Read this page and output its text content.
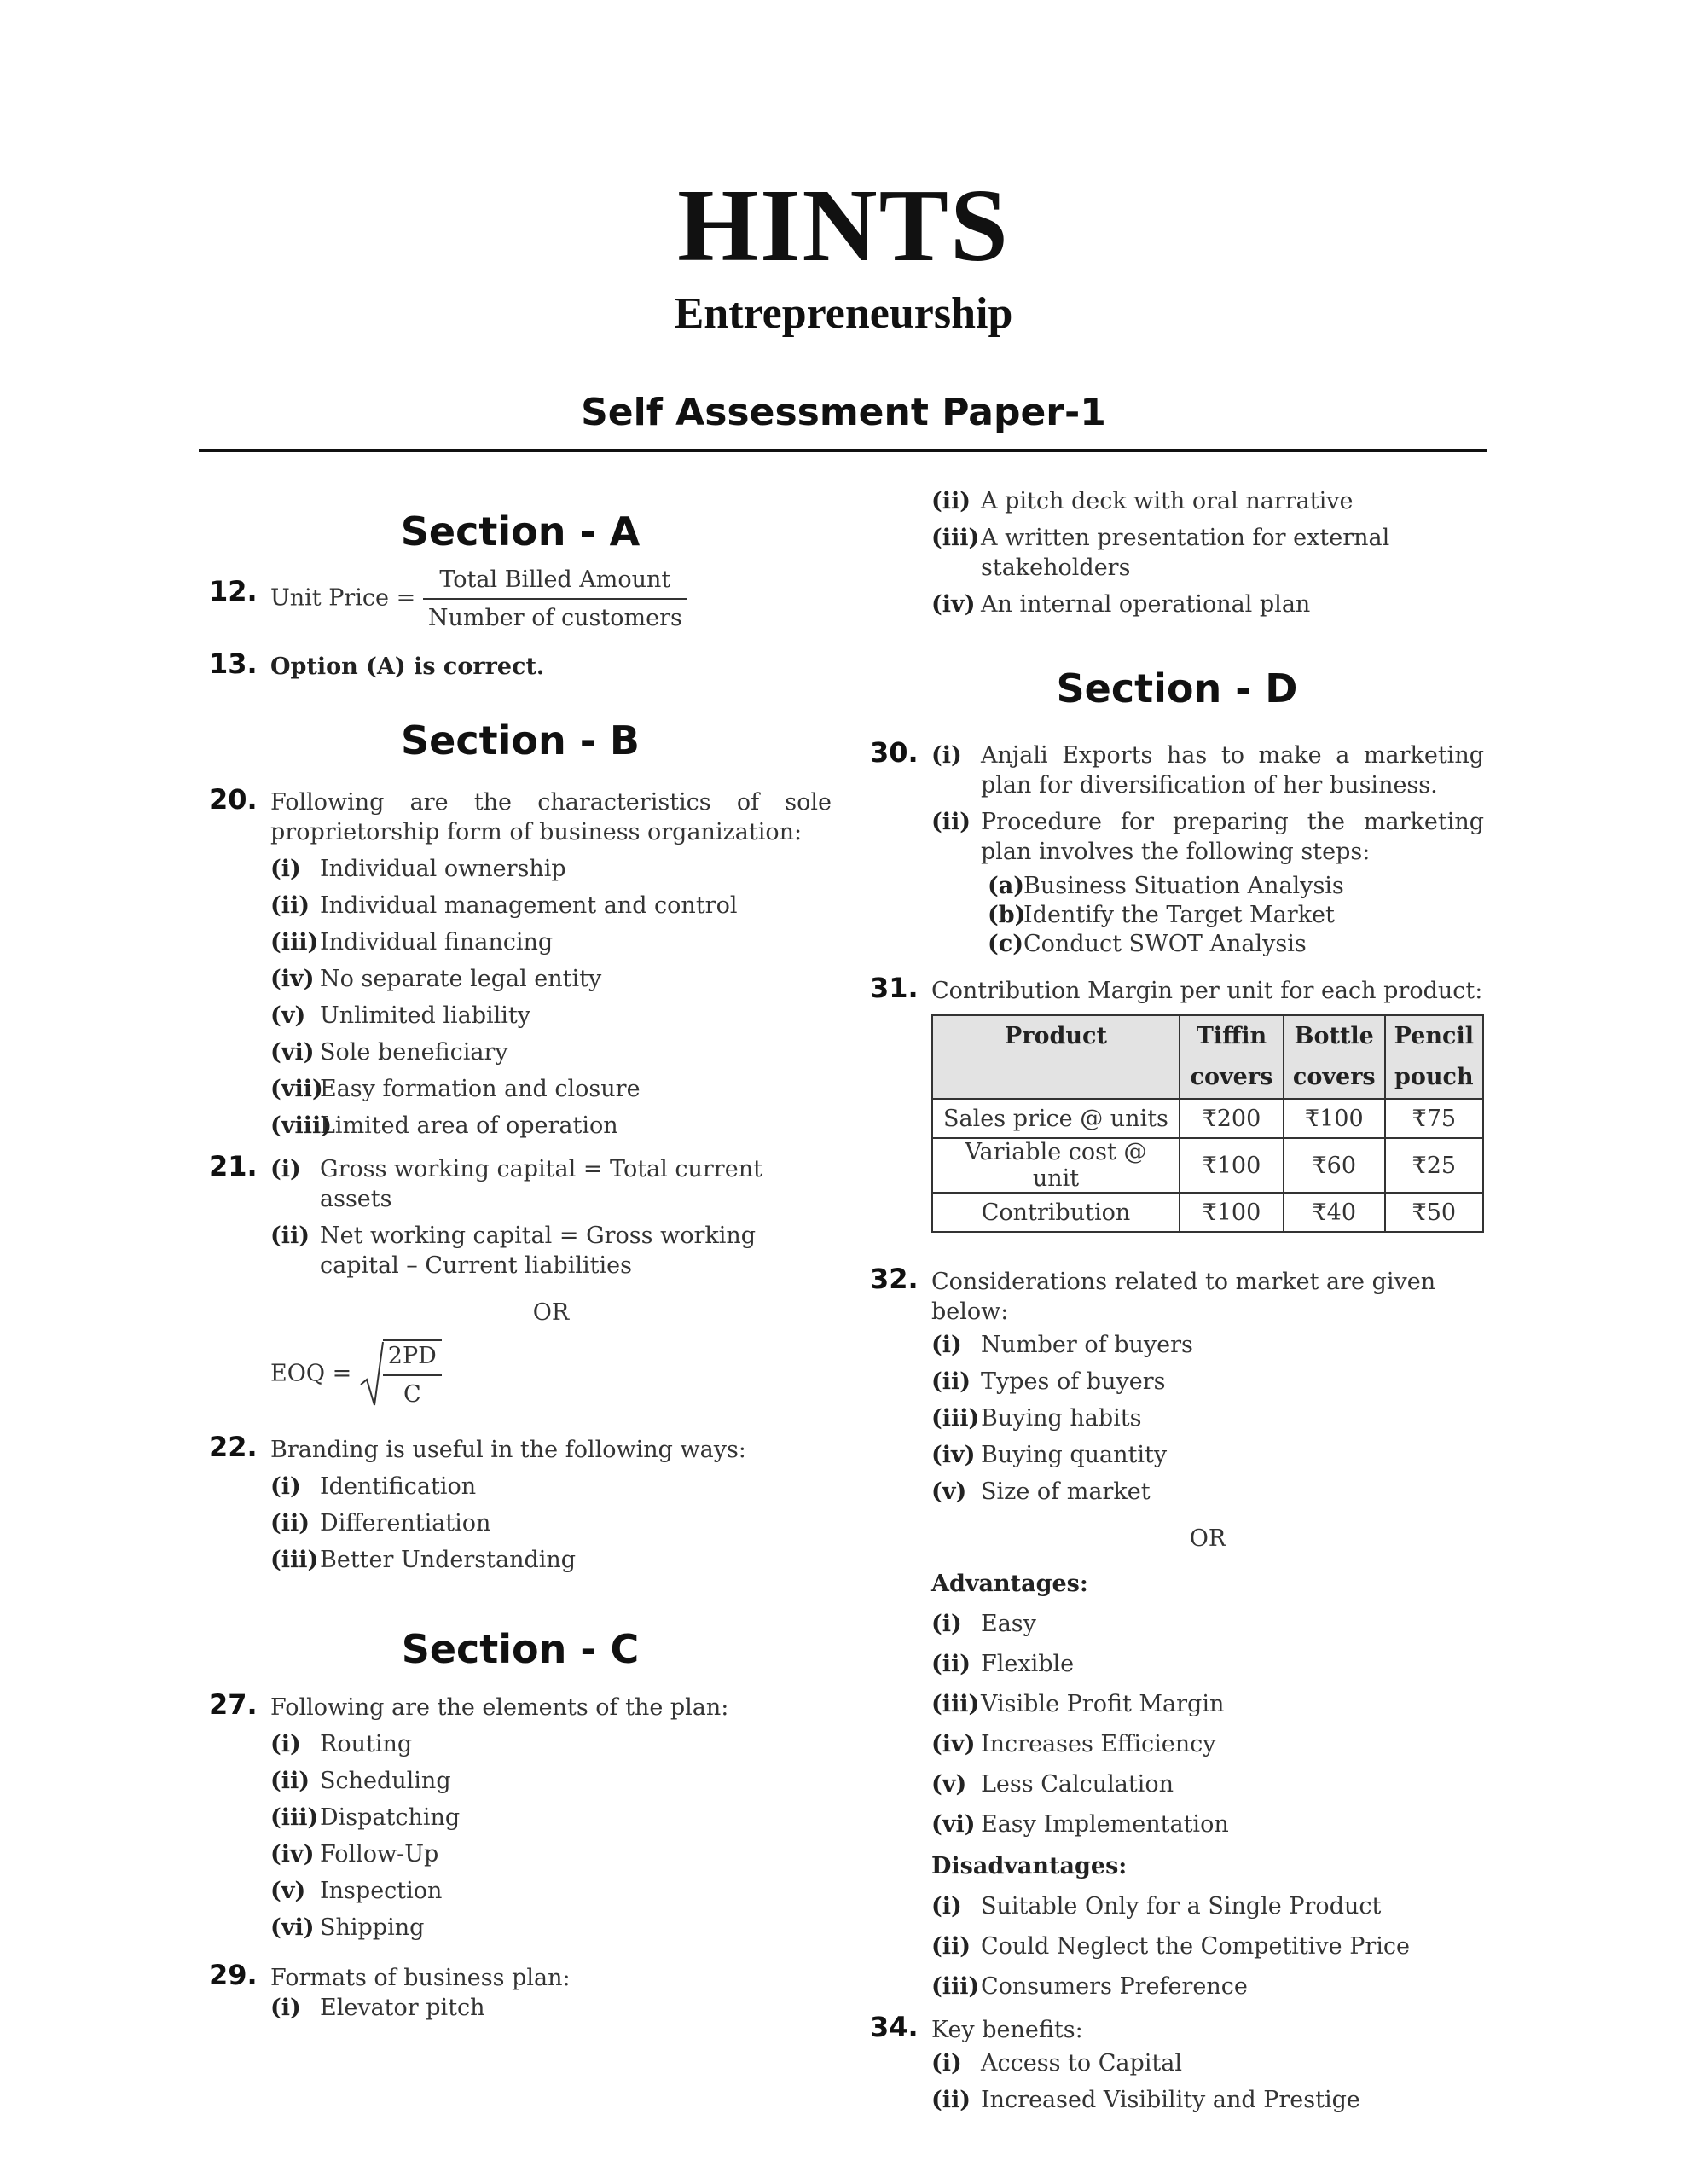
HINTS
Entrepreneurship
Self Assessment Paper-1
Section - A
12. Unit Price = $\frac{\text{Total Billed Amount}}{\text{Number of customers}}$
13. Option (A) is correct.
Section - B
20. Following are the characteristics of sole proprietorship form of business organization:
(i) Individual ownership
(ii) Individual management and control
(iii) Individual financing
(iv) No separate legal entity
(v) Unlimited liability
(vi) Sole beneficiary
(vii)
Easy formation and closure
(viii)
Limited area of operation
21. (i) Gross working capital = Total current assets
(ii) Net working capital = Gross working capital – Current liabilities
OR
EOQ = $\frac{2PD}{C}$
22. Branding is useful in the following ways:
(i) Identification
(ii) Differentiation
(iii) Better Understanding
Section - C
27. Following are the elements of the plan:
(i) Routing
(ii) Scheduling
(iii) Dispatching
(iv) Follow-Up
(v) Inspection
(vi) Shipping
29. Formats of business plan:
(i) Elevator pitch
(ii) A pitch deck with oral narrative
(iii) A written presentation for external stakeholders
(iv) An internal operational plan
Section - D
30. (i) Anjali Exports has to make a marketing plan for diversification of her business.
(ii) Procedure for preparing the marketing plan involves the following steps:
(a)
Business Situation Analysis
(b)
Identify the Target Market
(c) Conduct SWOT Analysis
31. Contribution Margin per unit for each product:
Product	Tiffin covers	Bottle covers	Pencil pouch
Sales price @ units	₹200	₹100	₹75
Variable cost @ unit	₹100	₹60	₹25
Contribution	₹100	₹40	₹50
32. Considerations related to market are given below:
(i) Number of buyers
(ii) Types of buyers
(iii) Buying habits
(iv) Buying quantity
(v) Size of market
OR
Advantages:
(i) Easy
(ii) Flexible
(iii) Visible Profit Margin
(iv) Increases Efficiency
(v) Less Calculation
(vi) Easy Implementation
Disadvantages:
(i) Suitable Only for a Single Product
(ii) Could Neglect the Competitive Price
(iii) Consumers Preference
34. Key benefits:
(i) Access to Capital
(ii) Increased Visibility and Prestige
